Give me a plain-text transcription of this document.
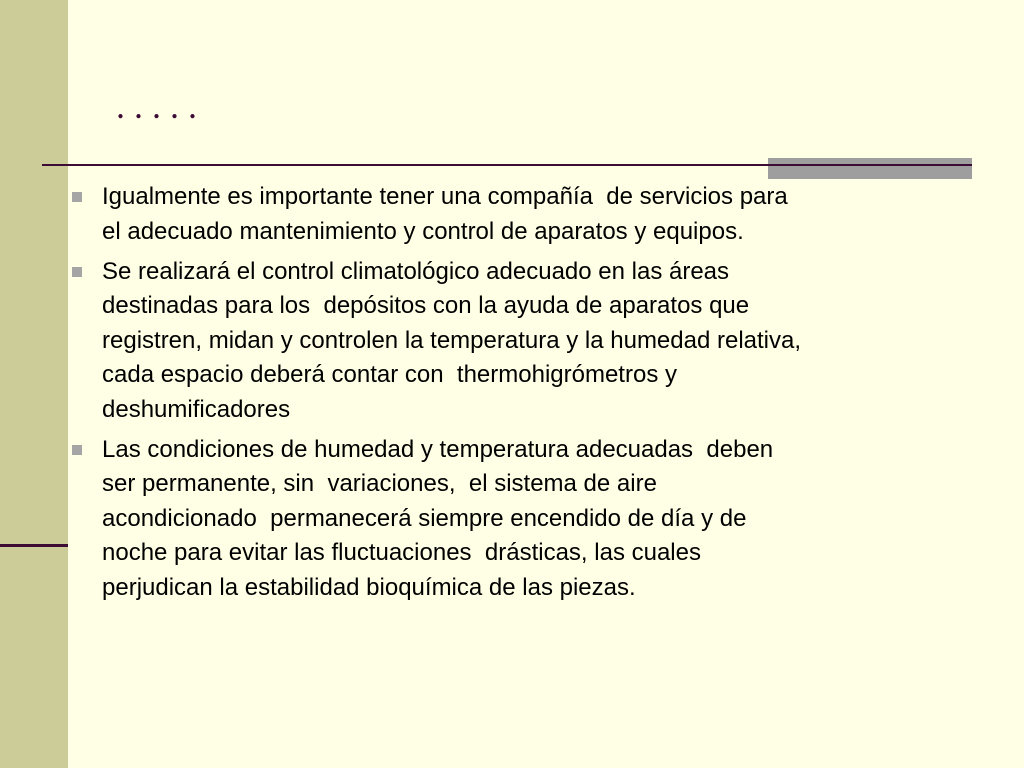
. . . . .
Igualmente es importante tener una compañía  de servicios para
el adecuado mantenimiento y control de aparatos y equipos.
Se realizará el control climatológico adecuado en las áreas
destinadas para los  depósitos con la ayuda de aparatos que
registren, midan y controlen la temperatura y la humedad relativa,
cada espacio deberá contar con  thermohigrómetros y
deshumificadores
Las condiciones de humedad y temperatura adecuadas  deben
ser permanente, sin  variaciones,  el sistema de aire
acondicionado  permanecerá siempre encendido de día y de
noche para evitar las fluctuaciones  drásticas, las cuales
perjudican la estabilidad bioquímica de las piezas.
